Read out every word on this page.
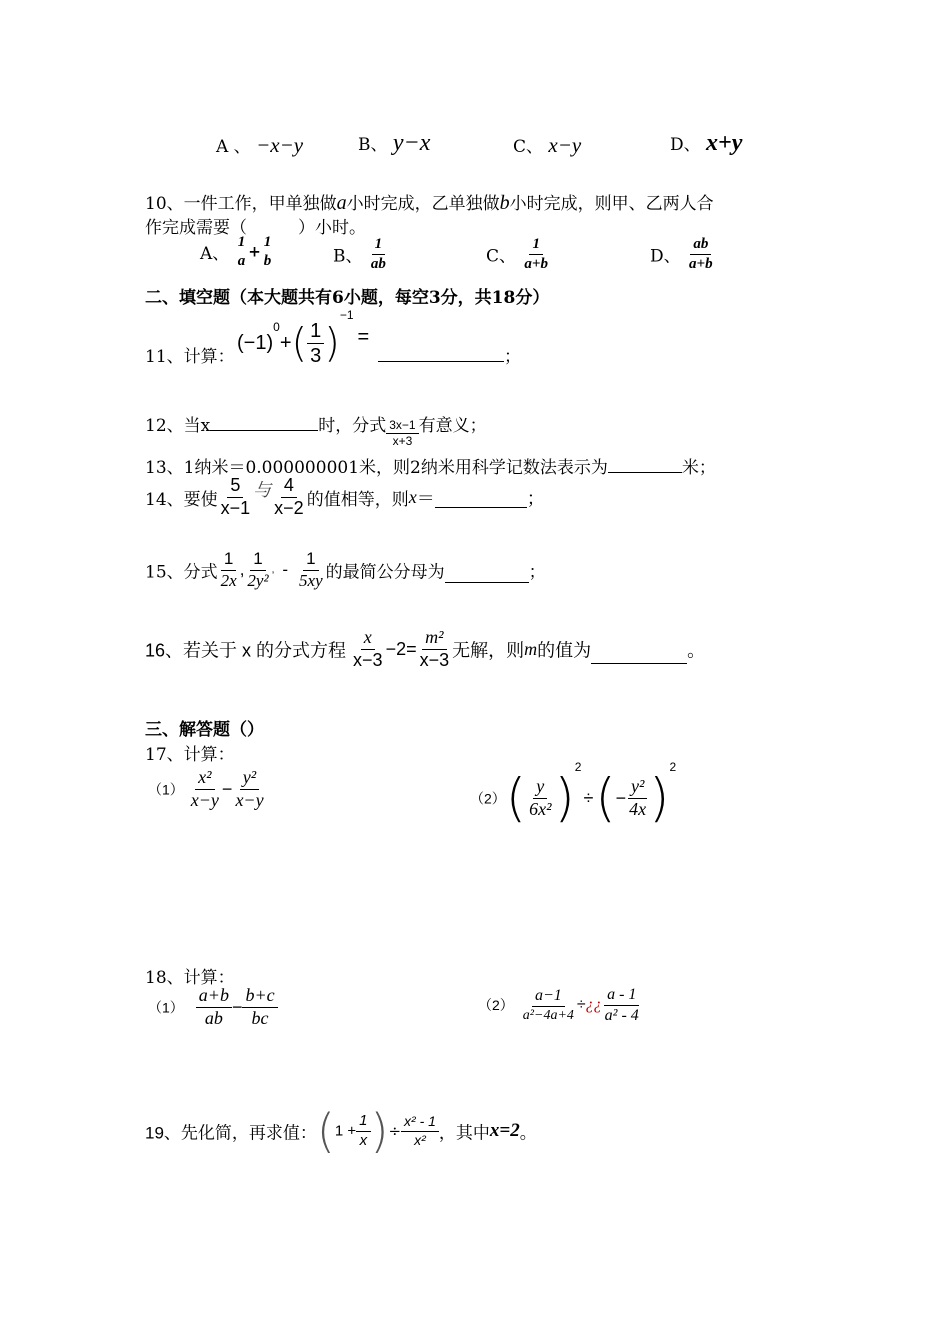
A 、 −x−y	B、 y−x	C、 x−y	D、 x+y
10、一件工作，甲单独做a小时完成，乙单独做b小时完成，则甲、乙两人合
作完成需要（　　　）小时。
A、
1
a +
1
b	B、 $\frac{1}{ab}$	C、 $\frac{1}{a+b}$	D、 $\frac{ab}{a+b}$
二、填空题（本大题共有6小题，每空3分，共18分）
11、计算：
$(-1)^0+( \frac{1}{3} )^{-1}=$
；
12、当x	时，分式 $\frac{3x-1}{x+3}$ 有意义；
13、1纳米＝0.000000001米，则2纳米用科学记数法表示为	米；
14、要使 $\frac{5}{x-1}$ 与 $\frac{4}{x-2}$ 的值相等，则x＝	；
15、分式 $\frac{1}{2x}$ , $\frac{1}{\text{2y²}}$ , - $\frac{1}{5xy}$ 的最简公分母为	；
16、若关于 x 的分式方程 $\frac{x}{x-3} -2= \frac{\text{m²}}{x-3}$ 无解，则m的值为	。
三、解答题（）
17、计算：
$(1) \frac{\text{x²}}{x-y} - \frac{\text{y²}}{x-y}$	$(2)( \frac{y}{\text{6x²}} )^2\div(- \frac{\text{y²}}{4x} )^2$
18、计算：
$(1) \frac{a+b}{ab} - \frac{b+c}{bc}$	$(2) \frac{a-1}{\text{a²−4a+4}}$ ÷¿¿ $\frac{a - 1}{\text{a² - 4}}$
19、先化简，再求值：($1 + \frac{1}{x}$ )÷ $\frac{\text{x² - 1}}{\text{x²}}$ ，其中x=2。
